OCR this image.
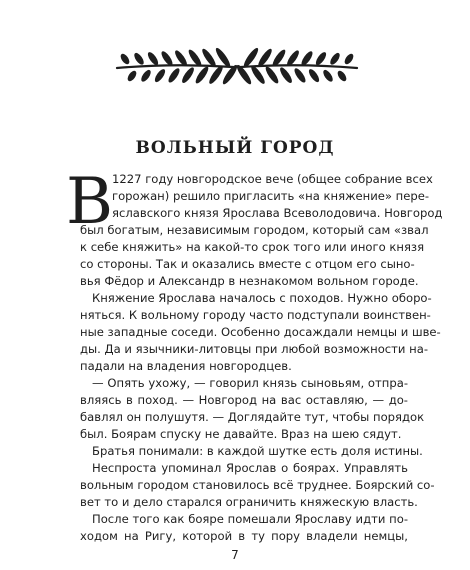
ВОЛЬНЫЙ ГОРОД
В

1227 году новгородское вече (общее собрание всех

горожан) решило пригласить «на княжение» пере-

яславского князя Ярослава Всеволодовича. Новгород

был богатым, независимым городом, который сам «звал

к себе княжить» на какой-то срок того или иного князя

со стороны. Так и оказались вместе с отцом его сыно-

вья Фёдор и Александр в незнакомом вольном городе.

Княжение Ярослава началось с походов. Нужно оборо-

няться. К вольному городу часто подступали воинствен-

ные западные соседи. Особенно досаждали немцы и шве-

ды. Да и язычники-литовцы при любой возможности на-

падали на владения новгородцев.

— Опять ухожу, — говорил князь сыновьям, отпра-

вляясь в поход. — Новгород на вас оставляю, — до-

бавлял он полушутя. — Доглядайте тут, чтобы порядок

был. Боярам спуску не давайте. Враз на шею сядут.

Братья понимали: в каждой шутке есть доля истины.

Неспроста упоминал Ярослав о боярах. Управлять

вольным городом становилось всё труднее. Боярский со-

вет то и дело старался ограничить княжескую власть.

После того как бояре помешали Ярославу идти по-

ходом на Ригу, которой в ту пору владели немцы,

7
